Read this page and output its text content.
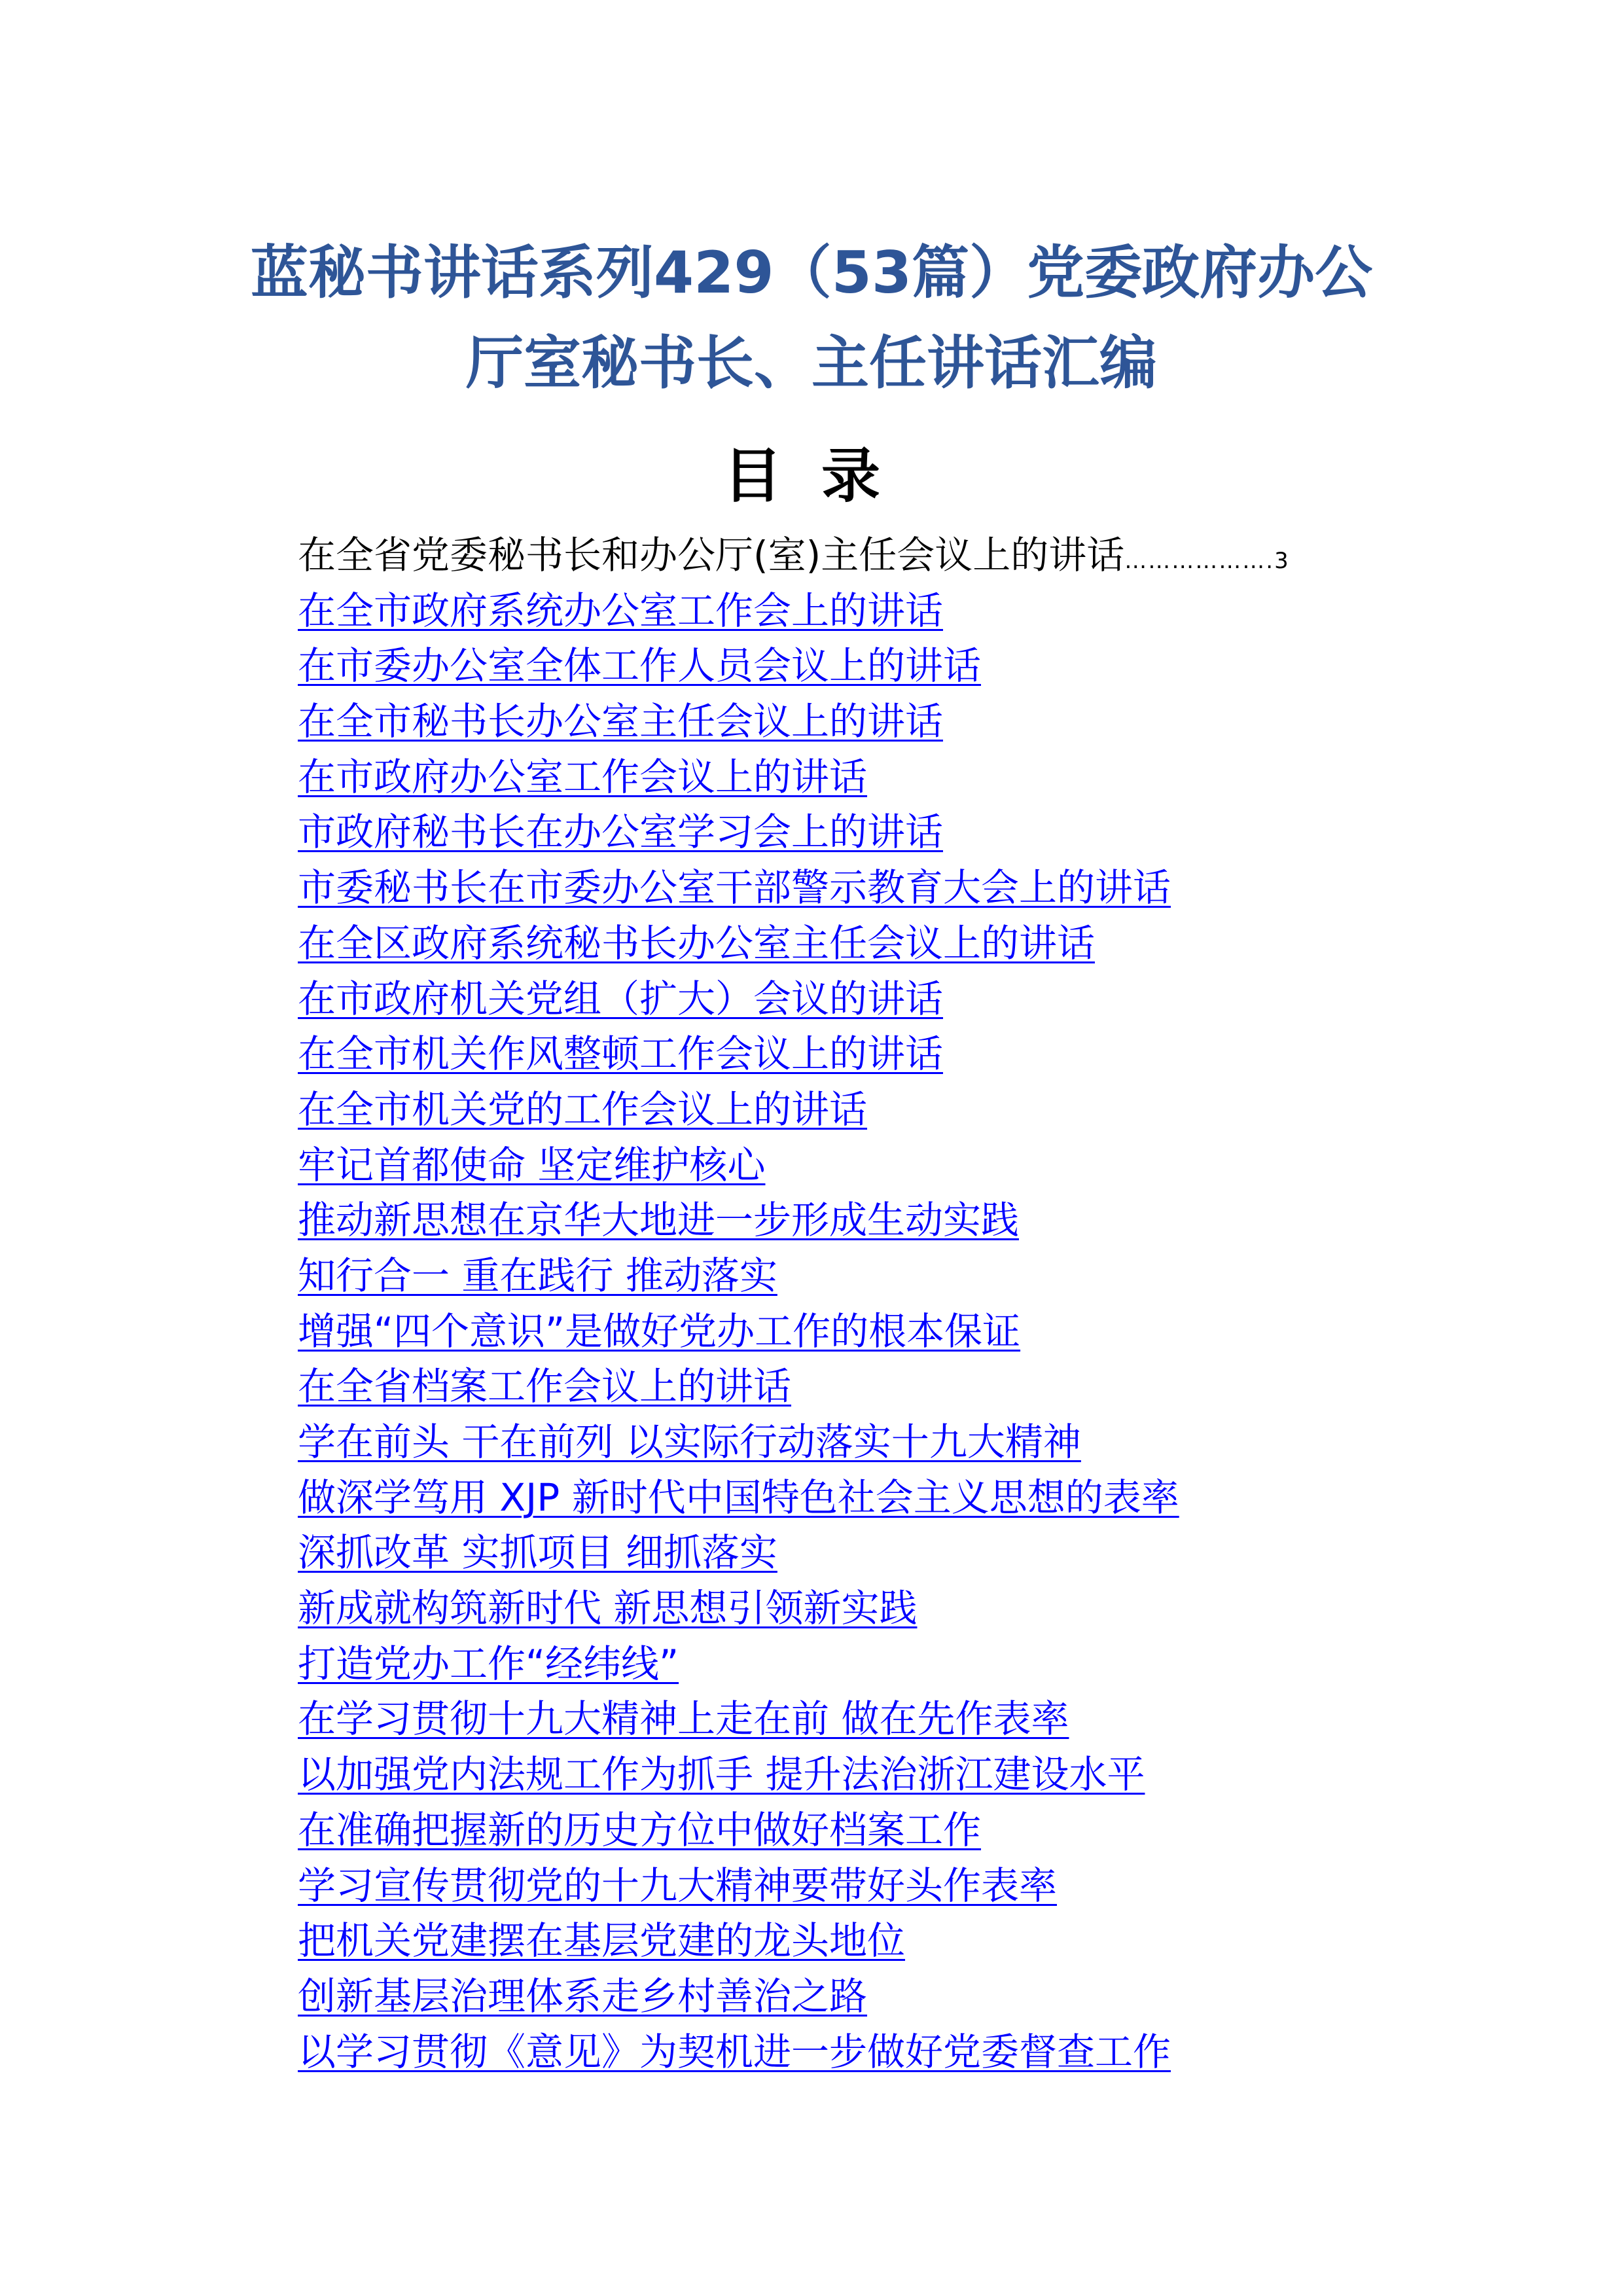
蓝秘书讲话系列429（53篇）党委政府办公
厅室秘书长、主任讲话汇编
目录
在全省党委秘书长和办公厅(室)主任会议上的讲话……………….3
在全市政府系统办公室工作会上的讲话
在市委办公室全体工作人员会议上的讲话
在全市秘书长办公室主任会议上的讲话
在市政府办公室工作会议上的讲话
市政府秘书长在办公室学习会上的讲话
市委秘书长在市委办公室干部警示教育大会上的讲话
在全区政府系统秘书长办公室主任会议上的讲话
在市政府机关党组（扩大）会议的讲话
在全市机关作风整顿工作会议上的讲话
在全市机关党的工作会议上的讲话
牢记首都使命 坚定维护核心
推动新思想在京华大地进一步形成生动实践
知行合一 重在践行 推动落实
增强“四个意识”是做好党办工作的根本保证
在全省档案工作会议上的讲话
学在前头 干在前列 以实际行动落实十九大精神
做深学笃用 XJP 新时代中国特色社会主义思想的表率
深抓改革 实抓项目 细抓落实
新成就构筑新时代 新思想引领新实践
打造党办工作“经纬线”
在学习贯彻十九大精神上走在前 做在先作表率
以加强党内法规工作为抓手 提升法治浙江建设水平
在准确把握新的历史方位中做好档案工作
学习宣传贯彻党的十九大精神要带好头作表率
把机关党建摆在基层党建的龙头地位
创新基层治理体系走乡村善治之路
以学习贯彻《意见》为契机进一步做好党委督查工作
